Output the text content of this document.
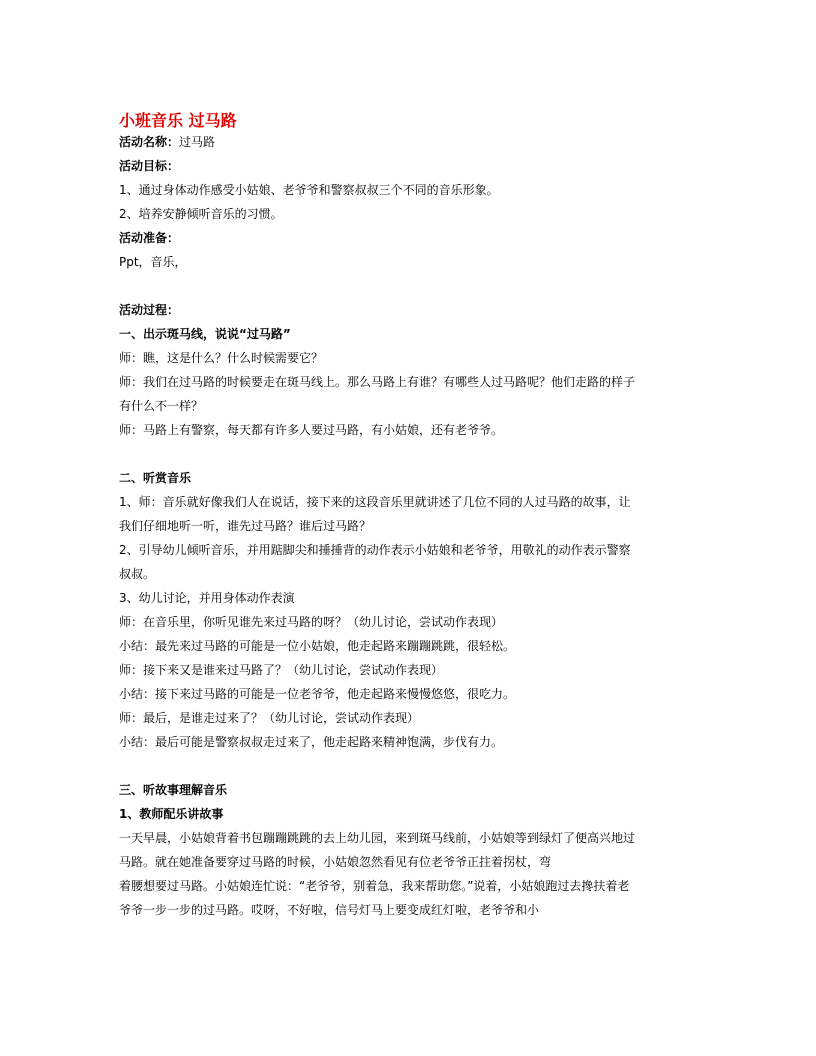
小班音乐 过马路
活动名称：过马路
活动目标：
1、通过身体动作感受小姑娘、老爷爷和警察叔叔三个不同的音乐形象。
2、培养安静倾听音乐的习惯。
活动准备：
Ppt，音乐，
活动过程：
一、出示斑马线，说说“过马路”
师：瞧，这是什么？什么时候需要它？
师：我们在过马路的时候要走在斑马线上。那么马路上有谁？有哪些人过马路呢？他们走路的样子
有什么不一样？
师：马路上有警察，每天都有许多人要过马路，有小姑娘，还有老爷爷。
二、听赏音乐
1、师：音乐就好像我们人在说话，接下来的这段音乐里就讲述了几位不同的人过马路的故事，让
我们仔细地听一听，谁先过马路？谁后过马路？
2、引导幼儿倾听音乐，并用踮脚尖和捶捶背的动作表示小姑娘和老爷爷，用敬礼的动作表示警察
叔叔。
3、幼儿讨论，并用身体动作表演
师：在音乐里，你听见谁先来过马路的呀？（幼儿讨论，尝试动作表现）
小结：最先来过马路的可能是一位小姑娘，他走起路来蹦蹦跳跳，很轻松。
师：接下来又是谁来过马路了？（幼儿讨论，尝试动作表现）
小结：接下来过马路的可能是一位老爷爷，他走起路来慢慢悠悠，很吃力。
师：最后，是谁走过来了？（幼儿讨论，尝试动作表现）
小结：最后可能是警察叔叔走过来了，他走起路来精神饱满，步伐有力。
三、听故事理解音乐
1、教师配乐讲故事
一天早晨，小姑娘背着书包蹦蹦跳跳的去上幼儿园，来到斑马线前，小姑娘等到绿灯了便高兴地过
马路。就在她准备要穿过马路的时候，小姑娘忽然看见有位老爷爷正拄着拐杖，弯
着腰想要过马路。小姑娘连忙说：“老爷爷，别着急，我来帮助您。”说着，小姑娘跑过去搀扶着老
爷爷一步一步的过马路。哎呀，不好啦，信号灯马上要变成红灯啦，老爷爷和小
